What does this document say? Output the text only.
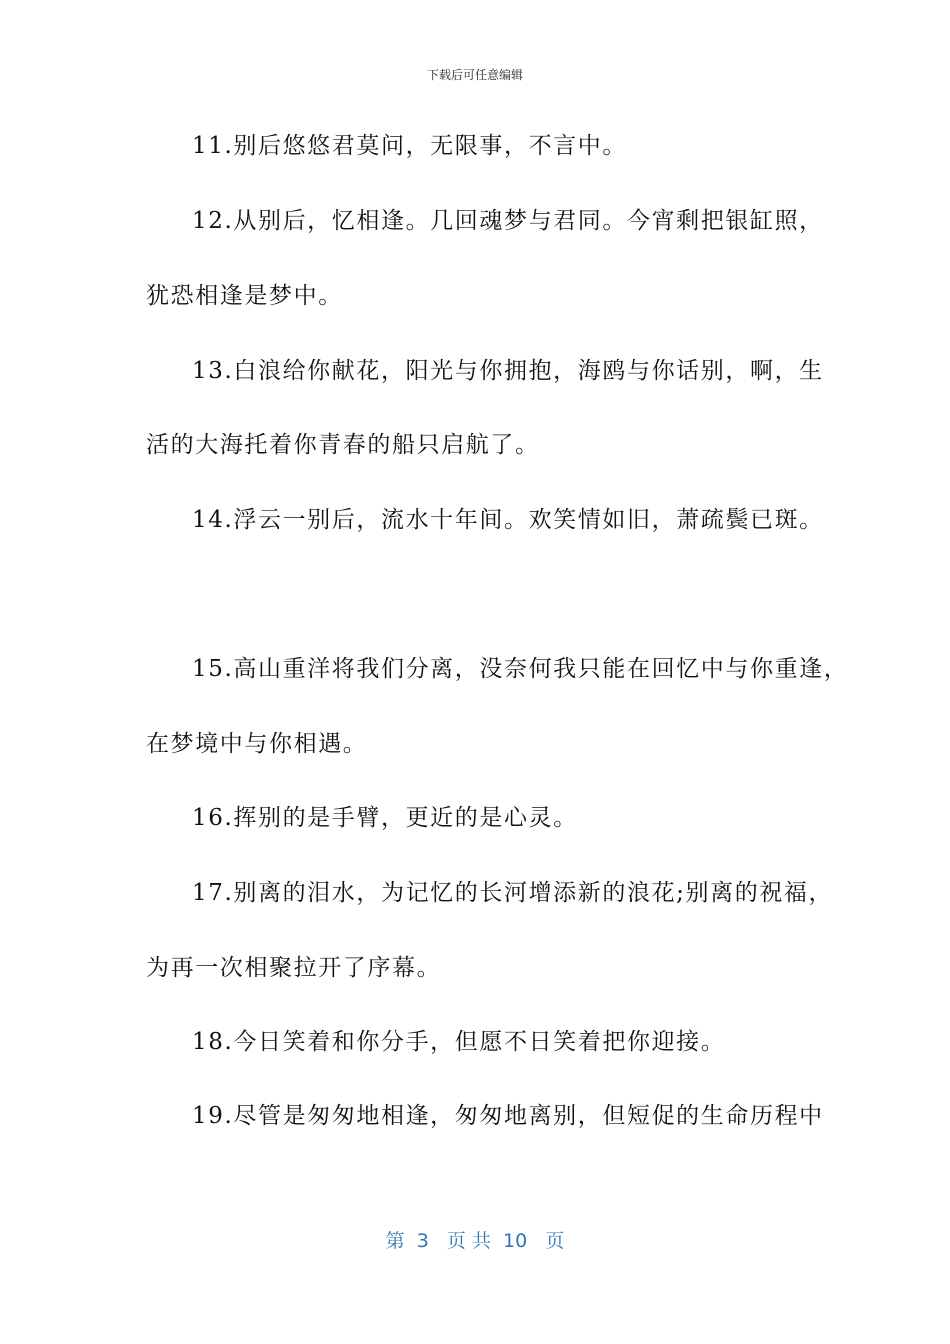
下载后可任意编辑
11.别后悠悠君莫问，无限事，不言中。
12.从别后，忆相逢。几回魂梦与君同。今宵剩把银缸照，
犹恐相逢是梦中。
13.白浪给你献花，阳光与你拥抱，海鸥与你话别，啊，生
活的大海托着你青春的船只启航了。
14.浮云一别后，流水十年间。欢笑情如旧，萧疏鬓已斑。
15.高山重洋将我们分离，没奈何我只能在回忆中与你重逢，
在梦境中与你相遇。
16.挥别的是手臂，更近的是心灵。
17.别离的泪水，为记忆的长河增添新的浪花;别离的祝福，
为再一次相聚拉开了序幕。
18.今日笑着和你分手，但愿不日笑着把你迎接。
19.尽管是匆匆地相逢，匆匆地离别，但短促的生命历程中
第  3   页 共  10   页
